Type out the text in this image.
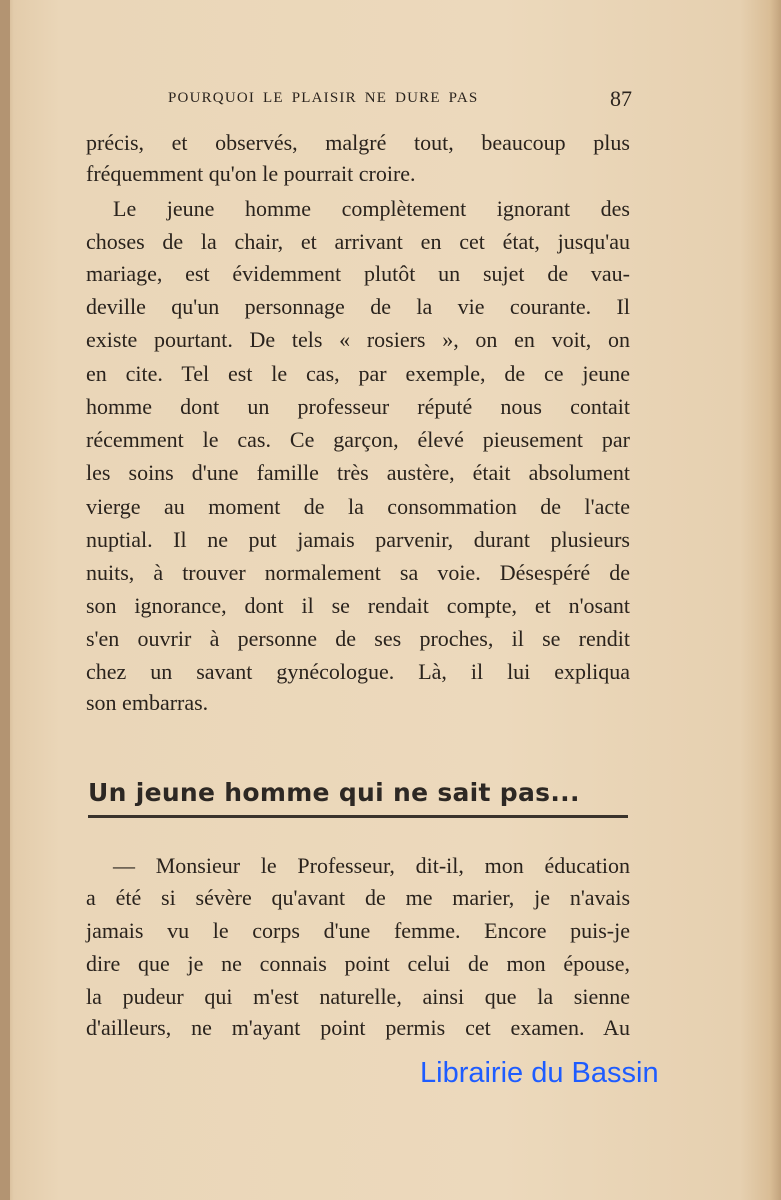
POURQUOI LE PLAISIR NE DURE PAS	87
précis, et observés, malgré tout, beaucoup plus
fréquemment qu'on le pourrait croire.
Le jeune homme complètement ignorant des
choses de la chair, et arrivant en cet état, jusqu'au
mariage, est évidemment plutôt un sujet de vau-
deville qu'un personnage de la vie courante. Il
existe pourtant. De tels « rosiers », on en voit, on
en cite. Tel est le cas, par exemple, de ce jeune
homme dont un professeur réputé nous contait
récemment le cas. Ce garçon, élevé pieusement par
les soins d'une famille très austère, était absolument
vierge au moment de la consommation de l'acte
nuptial. Il ne put jamais parvenir, durant plusieurs
nuits, à trouver normalement sa voie. Désespéré de
son ignorance, dont il se rendait compte, et n'osant
s'en ouvrir à personne de ses proches, il se rendit
chez un savant gynécologue. Là, il lui expliqua
son embarras.
Un jeune homme qui ne sait pas...
— Monsieur le Professeur, dit-il, mon éducation
a été si sévère qu'avant de me marier, je n'avais
jamais vu le corps d'une femme. Encore puis-je
dire que je ne connais point celui de mon épouse,
la pudeur qui m'est naturelle, ainsi que la sienne
d'ailleurs, ne m'ayant point permis cet examen. Au
Librairie du Bassin
